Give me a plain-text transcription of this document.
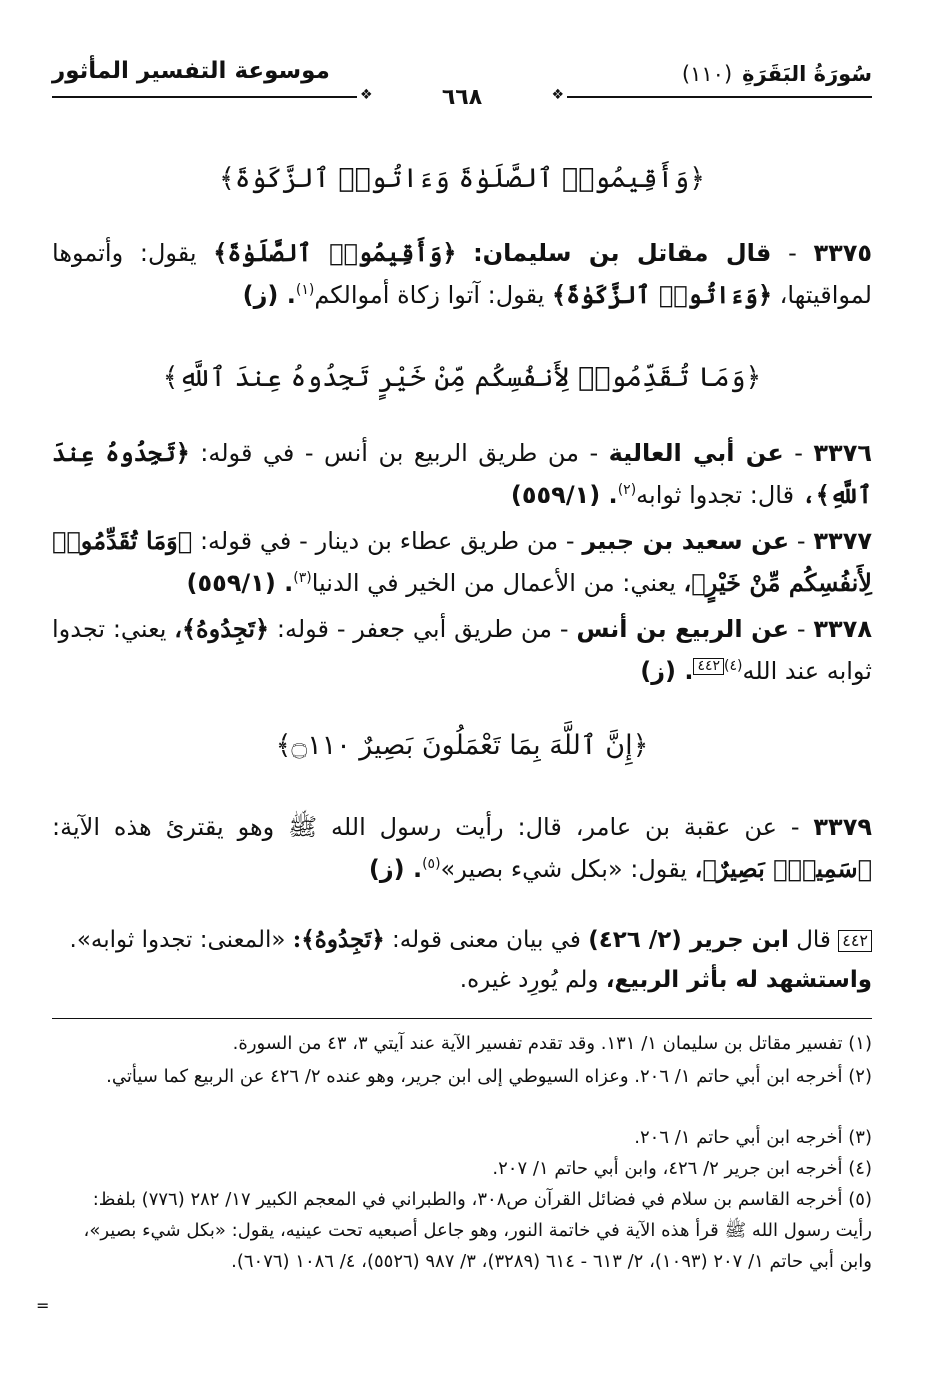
سُورَةُ البَقَرَةِ(١١٠)
موسوعة التفسير المأثور
❖
❖	٦٦٨
﴿وَأَقِيمُوا۟ ٱلصَّلَوٰةَ وَءَاتُوا۟ ٱلزَّكَوٰةَ﴾
٣٣٧٥ - قال مقاتل بن سليمان: ﴿وَأَقِيمُوا۟ ٱلصَّلَوٰةَ﴾ يقول: وأتموها لمواقيتها، ﴿وَءَاتُوا۟ ٱلزَّكَوٰةَ﴾ يقول: آتوا زكاة أموالكم$^{(١)}$. (ز)
﴿وَمَا تُقَدِّمُوا۟ لِأَنفُسِكُم مِّنْ خَيْرٍ تَجِدُوهُ عِندَ ٱللَّهِ﴾
٣٣٧٦ - عن أبي العالية - من طريق الربيع بن أنس - في قوله: ﴿تَجِدُوهُ عِندَ ٱللَّهِ﴾، قال: تجدوا ثوابه$^{(٢)}$. (٥٥٩/١)
٣٣٧٧ - عن سعيد بن جبير - من طريق عطاء بن دينار - في قوله: ﴿وَمَا تُقَدِّمُوا۟ لِأَنفُسِكُم مِّنْ خَيْرٍ﴾، يعني: من الأعمال من الخير في الدنيا$^{(٣)}$. (٥٥٩/١)
٣٣٧٨ - عن الربيع بن أنس - من طريق أبي جعفر - قوله: ﴿تَجِدُوهُ﴾، يعني: تجدوا ثوابه عند الله$^{(٤)}$٤٤٢. (ز)
﴿إِنَّ ٱللَّهَ بِمَا تَعْمَلُونَ بَصِيرٌ ۝١١٠﴾
٣٣٧٩ - عن عقبة بن عامر، قال: رأيت رسول الله ﷺ وهو يقترئ هذه الآية: ﴿سَمِيعٌۢ بَصِيرٌ﴾، يقول: «بكل شيء بصير»$^{(٥)}$. (ز)
٤٤٢ قال ابن جرير (٢/ ٤٢٦) في بيان معنى قوله: ﴿تَجِدُوهُ﴾: «المعنى: تجدوا ثوابه». واستشهد له بأثر الربيع، ولم يُورِد غيره.
(١) تفسير مقاتل بن سليمان ١/ ١٣١. وقد تقدم تفسير الآية عند آيتي ٣، ٤٣ من السورة.
(٢) أخرجه ابن أبي حاتم ١/ ٢٠٦. وعزاه السيوطي إلى ابن جرير، وهو عنده ٢/ ٤٢٦ عن الربيع كما سيأتي.
(٣) أخرجه ابن أبي حاتم ١/ ٢٠٦.
(٤) أخرجه ابن جرير ٢/ ٤٢٦، وابن أبي حاتم ١/ ٢٠٧.
(٥) أخرجه القاسم بن سلام في فضائل القرآن ص٣٠٨، والطبراني في المعجم الكبير ١٧/ ٢٨٢ (٧٧٦) بلفظ: رأيت رسول الله ﷺ قرأ هذه الآية في خاتمة النور، وهو جاعل أصبعيه تحت عينيه، يقول: «بكل شيء بصير»، وابن أبي حاتم ١/ ٢٠٧ (١٠٩٣)، ٢/ ٦١٣ - ٦١٤ (٣٢٨٩)، ٣/ ٩٨٧ (٥٥٢٦)، ٤/ ١٠٨٦ (٦٠٧٦).
=
